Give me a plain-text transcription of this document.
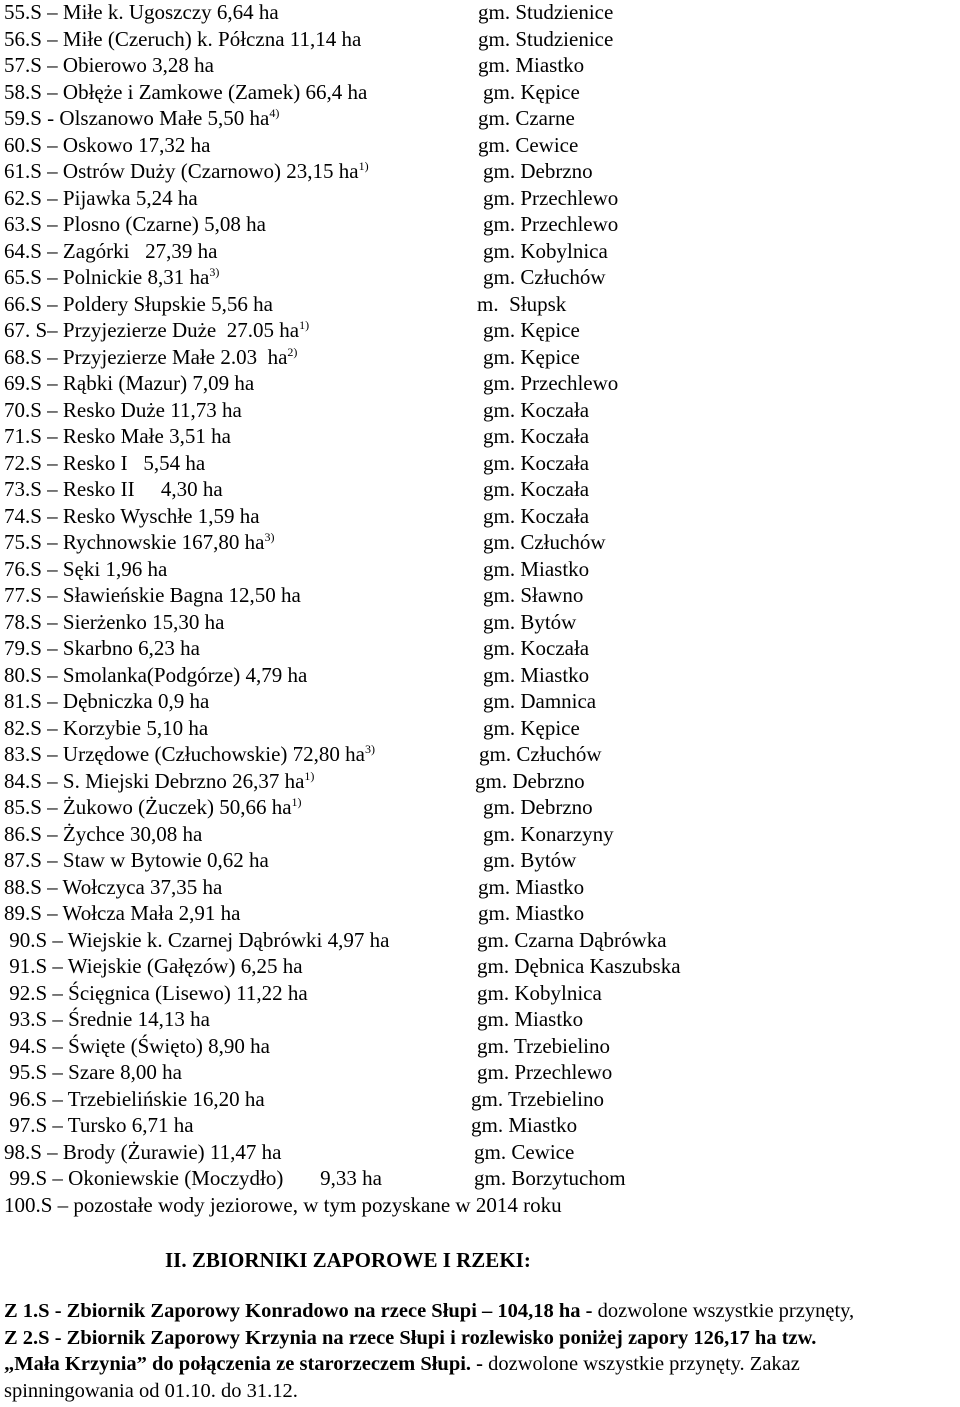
55.S – Miłe k. Ugoszczy 6,64 ha	gm. Studzienice
56.S – Miłe (Czeruch) k. Półczna 11,14 ha	gm. Studzienice
57.S – Obierowo 3,28 ha	gm. Miastko
58.S – Obłęże i Zamkowe (Zamek) 66,4 ha	gm. Kępice
59.S - Olszanowo Małe 5,50 $ha^{4)}$	gm. Czarne
60.S – Oskowo 17,32 ha	gm. Cewice
61.S – Ostrów Duży (Czarnowo) 23,15 $ha^{1)}$	gm. Debrzno
62.S – Pijawka 5,24 ha	gm. Przechlewo
63.S – Plosno (Czarne) 5,08 ha	gm. Przechlewo
64.S – Zagórki   27,39 ha	gm. Kobylnica
65.S – Polnickie 8,31 $ha^{3)}$	gm. Człuchów
66.S – Poldery Słupskie 5,56 ha	m.  Słupsk
67. S– Przyjezierze Duże  27.05 $ha^{1)}$	gm. Kępice
68.S – Przyjezierze Małe 2.03  $ha^{2)}$	gm. Kępice
69.S – Rąbki (Mazur) 7,09 ha	gm. Przechlewo
70.S – Resko Duże 11,73 ha	gm. Koczała
71.S – Resko Małe 3,51 ha	gm. Koczała
72.S – Resko I   5,54 ha	gm. Koczała
73.S – Resko II     4,30 ha	gm. Koczała
74.S – Resko Wyschłe 1,59 ha	gm. Koczała
75.S – Rychnowskie 167,80 $ha^{3)}$	gm. Człuchów
76.S – Sęki 1,96 ha	gm. Miastko
77.S – Sławieńskie Bagna 12,50 ha	gm. Sławno
78.S – Sierżenko 15,30 ha	gm. Bytów
79.S – Skarbno 6,23 ha	gm. Koczała
80.S – Smolanka(Podgórze) 4,79 ha	gm. Miastko
81.S – Dębniczka 0,9 ha	gm. Damnica
82.S – Korzybie 5,10 ha	gm. Kępice
83.S – Urzędowe (Człuchowskie) 72,80 $ha^{3)}$	gm. Człuchów
84.S – S. Miejski Debrzno 26,37 $ha^{1)}$	gm. Debrzno
85.S – Żukowo (Żuczek) 50,66 $ha^{1)}$	gm. Debrzno
86.S – Żychce 30,08 ha	gm. Konarzyny
87.S – Staw w Bytowie 0,62 ha	gm. Bytów
88.S – Wołczyca 37,35 ha	gm. Miastko
89.S – Wołcza Mała 2,91 ha	gm. Miastko
90.S – Wiejskie k. Czarnej Dąbrówki 4,97 ha	gm. Czarna Dąbrówka
91.S – Wiejskie (Gałęzów) 6,25 ha	gm. Dębnica Kaszubska
92.S – Ścięgnica (Lisewo) 11,22 ha	gm. Kobylnica
93.S – Średnie 14,13 ha	gm. Miastko
94.S – Święte (Święto) 8,90 ha	gm. Trzebielino
95.S – Szare 8,00 ha	gm. Przechlewo
96.S – Trzebielińskie 16,20 ha	gm. Trzebielino
97.S – Tursko 6,71 ha	gm. Miastko
98.S – Brody (Żurawie) 11,47 ha	gm. Cewice
99.S – Okoniewskie (Moczydło)       9,33 ha	gm. Borzytuchom
100.S – pozostałe wody jeziorowe, w tym pozyskane w 2014 roku
II. ZBIORNIKI ZAPOROWE I RZEKI:
Z 1.S - Zbiornik Zaporowy Konradowo na rzece Słupi – 104,18 ha - dozwolone wszystkie przynęty,
Z 2.S - Zbiornik Zaporowy Krzynia na rzece Słupi i rozlewisko poniżej zapory 126,17 ha tzw.
„Mała Krzynia” do połączenia ze starorzeczem Słupi. - dozwolone wszystkie przynęty. Zakaz
spinningowania od 01.10. do 31.12.
